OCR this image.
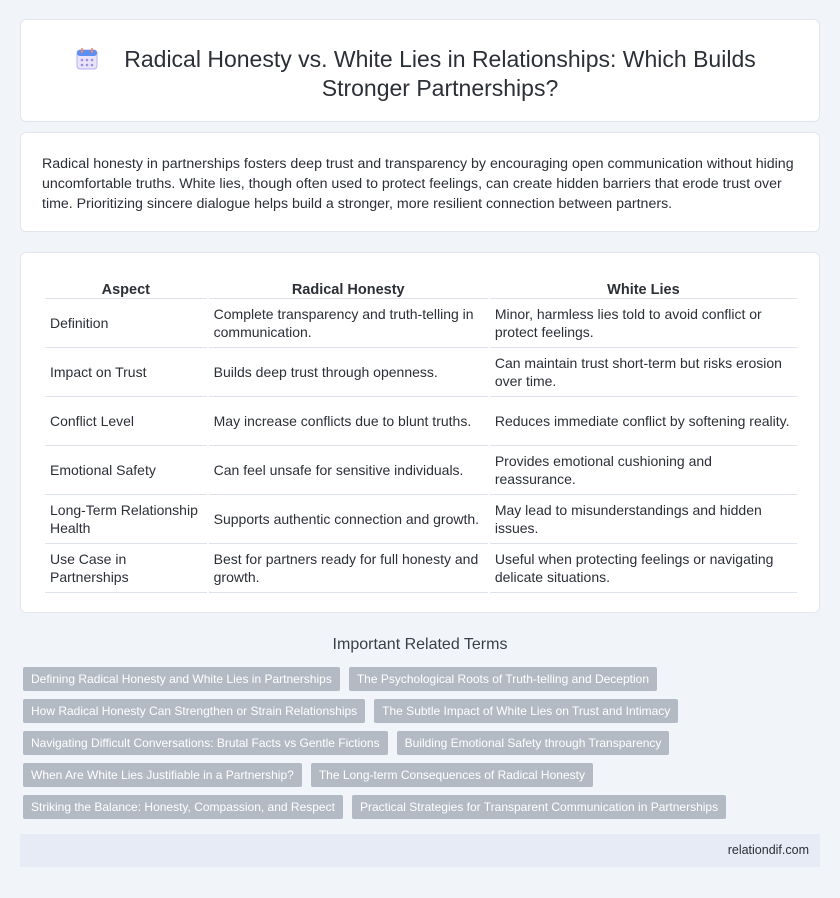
Radical Honesty vs. White Lies in Relationships: Which Builds Stronger Partnerships?

Radical honesty in partnerships fosters deep trust and transparency by encouraging open communication without hiding uncomfortable truths. White lies, though often used to protect feelings, can create hidden barriers that erode trust over time. Prioritizing sincere dialogue helps build a stronger, more resilient connection between partners.

Aspect	Radical Honesty	White Lies
Definition	Complete transparency and truth-telling in communication.	Minor, harmless lies told to avoid conflict or protect feelings.
Impact on Trust	Builds deep trust through openness.	Can maintain trust short-term but risks erosion over time.
Conflict Level	May increase conflicts due to blunt truths.	Reduces immediate conflict by softening reality.
Emotional Safety	Can feel unsafe for sensitive individuals.	Provides emotional cushioning and reassurance.
Long-Term Relationship Health	Supports authentic connection and growth.	May lead to misunderstandings and hidden issues.
Use Case in Partnerships	Best for partners ready for full honesty and growth.	Useful when protecting feelings or navigating delicate situations.
Important Related Terms
Defining Radical Honesty and White Lies in Partnerships	The Psychological Roots of Truth-telling and Deception
How Radical Honesty Can Strengthen or Strain Relationships	The Subtle Impact of White Lies on Trust and Intimacy
Navigating Difficult Conversations: Brutal Facts vs Gentle Fictions	Building Emotional Safety through Transparency
When Are White Lies Justifiable in a Partnership?	The Long-term Consequences of Radical Honesty
Striking the Balance: Honesty, Compassion, and Respect	Practical Strategies for Transparent Communication in Partnerships
relationdif.com
